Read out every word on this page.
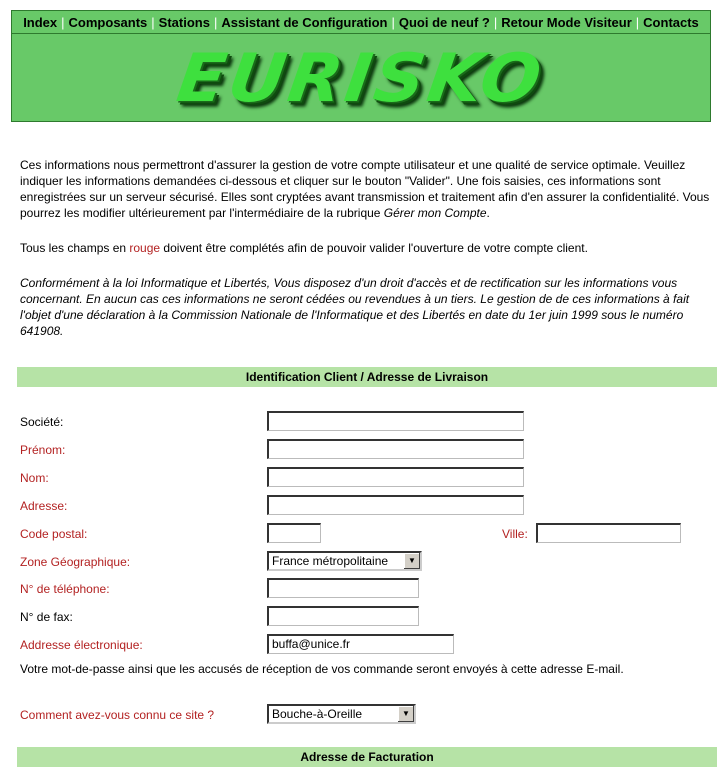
Index | Composants | Stations | Assistant de Configuration | Quoi de neuf ? | Retour Mode Visiteur | Contacts
EURISKO
Ces informations nous permettront d'assurer la gestion de votre compte utilisateur et une qualité de service optimale. Veuillez indiquer les informations demandées ci-dessous et cliquer sur le bouton "Valider". Une fois saisies, ces informations sont enregistrées sur un serveur sécurisé. Elles sont cryptées avant transmission et traitement afin d'en assurer la confidentialité. Vous pourrez les modifier ultérieurement par l'intermédiaire de la rubrique Gérer mon Compte.
Tous les champs en rouge doivent être complétés afin de pouvoir valider l'ouverture de votre compte client.
Conformément à la loi Informatique et Libertés, Vous disposez d'un droit d'accès et de rectification sur les informations vous concernant. En aucun cas ces informations ne seront cédées ou revendues à un tiers. Le gestion de de ces informations à fait l'objet d'une déclaration à la Commission Nationale de l'Informatique et des Libertés en date du 1er juin 1999 sous le numéro 641908.
Identification Client / Adresse de Livraison
Société:
Prénom:
Nom:
Adresse:
Code postal:	Ville:
Zone Géographique:	France métropolitaine	▼
N° de téléphone:
N° de fax:
Addresse électronique:	buffa@unice.fr
Votre mot-de-passe ainsi que les accusés de réception de vos commande seront envoyés à cette adresse E-mail.
Comment avez-vous connu ce site ?	Bouche-à-Oreille	▼
Adresse de Facturation
